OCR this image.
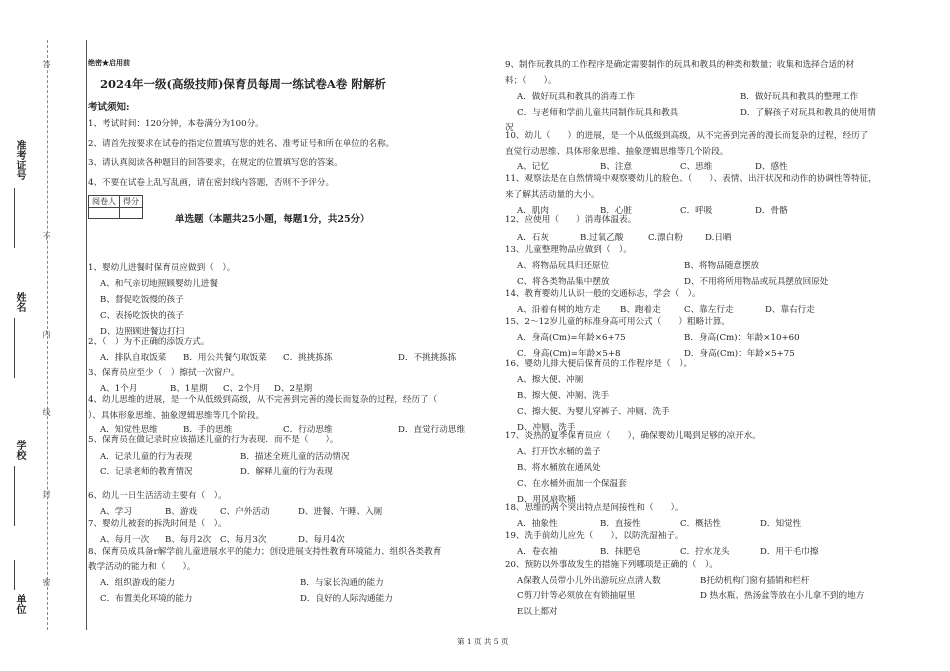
答
不
内
线
封
密
准考证号
姓名
学校
单位
绝密★启用前
2024年一级(高级技师)保育员每周一练试卷A卷 附解析
考试须知:
1、考试时间：120分钟，本卷满分为100分。
2、请首先按要求在试卷的指定位置填写您的姓名、准考证号和所在单位的名称。
3、请认真阅读各种题目的回答要求，在规定的位置填写您的答案。
4、不要在试卷上乱写乱画，请在密封线内答题，否则不予评分。
阅卷人	得分

单选题（本题共25小题，每题1分，共25分）
1、婴幼儿进餐时保育员应做到（　）。
A、和气亲切地照顾婴幼儿进餐
B、督促吃饭慢的孩子
C、表扬吃饭快的孩子
D、边照顾进餐边打扫
2、（　）为不正确的添饭方式。
A．排队自取饭菜 B．用公共餐勺取饭菜 C．挑挑拣拣	D．不挑挑拣拣
3、保育员应至少（　）擦拭一次窗户。
A、1个月	B、1星期 C、2个月 D、2星期
4、幼儿思维的进展，是一个从低级到高级，从不完善到完善的漫长而复杂的过程，经历了（
）、具体形象思维、抽象逻辑思维等几个阶段。
A．知觉性思维	B．手的思维	C．行动思维	D．直觉行动思维
5、保育员在做记录时应该描述儿童的行为表现．而不是（　　）。
A．记录儿童的行为表现	B．描述全班儿童的活动情况
C．记录老师的教育情况	D．解释儿童的行为表现
6、幼儿一日生活活动主要有（　）。
A、学习	B、游戏	C、户外活动	D、进餐、午睡、入厕
7、婴幼儿被套的拆洗时间是（　）。
A、每月一次 B、每月2次 C、每月3次	D、每月4次
8、保育员成具备r解学前儿童进展水平的能力；创设进展支持性教育环境能力、组织各类教育
教学活动的能力和（　　）。
A．组织游戏的能力	B．与家长沟通的能力
C．布置美化环境的能力	D．良好的人际沟通能力
9、制作玩教具的工作程序是确定需要制作的玩具和教具的种类和数量；收集和选择合适的材
料；（　　）。
A．做好玩具和教具的消毒工作	B．做好玩具和教具的整理工作
C．与老师和学前儿童共同制作玩具和教具	D．了解孩子对玩具和教具的使用情
况
10、幼儿（　　）的进展，是一个从低级到高级，从不完善到完善的漫长而复杂的过程，经历了
直觉行动思维、具体形象思维、抽象逻辑思维等几个阶段。
A、记忆	B、注意	C、思维	D、感性
11、观察法是在自然情境中观察婴幼儿的脸色、（　　）、表情、出汗状况和动作的协调性等特征，
来了解其活动量的大小。
A．肌肉	B．心脏	C．呼吸	D．骨骼
12、应使用（　　）消毒体温表。
A．石灰	B.过氧乙酸	C.漂白粉	D.日晒
13、儿童整理物品应做到（　）。
A、将物品玩具归还原位	B、将物品随意摆放
C、将各类物品集中摆放	D、不用将所用物品或玩具摆放回原处
14、教育婴幼儿认识一般的交通标志，学会（　）。
A、沿着有树的地方走 B、跑着走	C、靠左行走	D、靠右行走
15、2～12岁儿童的标准身高可用公式（　　）粗略计算。
A．身高(Cm)=年龄×6+75	B．身高(Cm)：年龄×10+60
C．身高(Cm)=年龄×5+8	D．身高(Cm)：年龄×5+75
16、婴幼儿排大便后保育员的工作程序是（　）。
A、擦大便、冲厕
B、擦大便、冲厕、洗手
C、擦大便、为婴儿穿裤子、冲厕、洗手
D、冲厕、洗手
17、炎热的夏季保育员应（　　），确保婴幼儿喝到足够的凉开水。
A、打开饮水桶的盖子
B、将水桶放在通风处
C、在水桶外面加一个保温套
D、用风扇吹桶
18、思维的两个突出特点是间接性和（　　）。
A．抽象性	B．直接性	C．概括性	D．知觉性
19、洗手前幼儿应先（　　），以防洗湿袖子。
A．卷衣袖	B．抹肥皂	C．拧水龙头	D．用干毛巾擦
20、预防以外事故发生的措施下列哪项是正确的（　）。
A保教人员带小儿外出游玩应点清人数	B托幼机构门窗有插销和栏杆
C剪刀针等必须放在有锁抽屉里	D 热水瓶、热汤盆等放在小儿拿不到的地方
E以上都对
第 1 页 共 5 页
